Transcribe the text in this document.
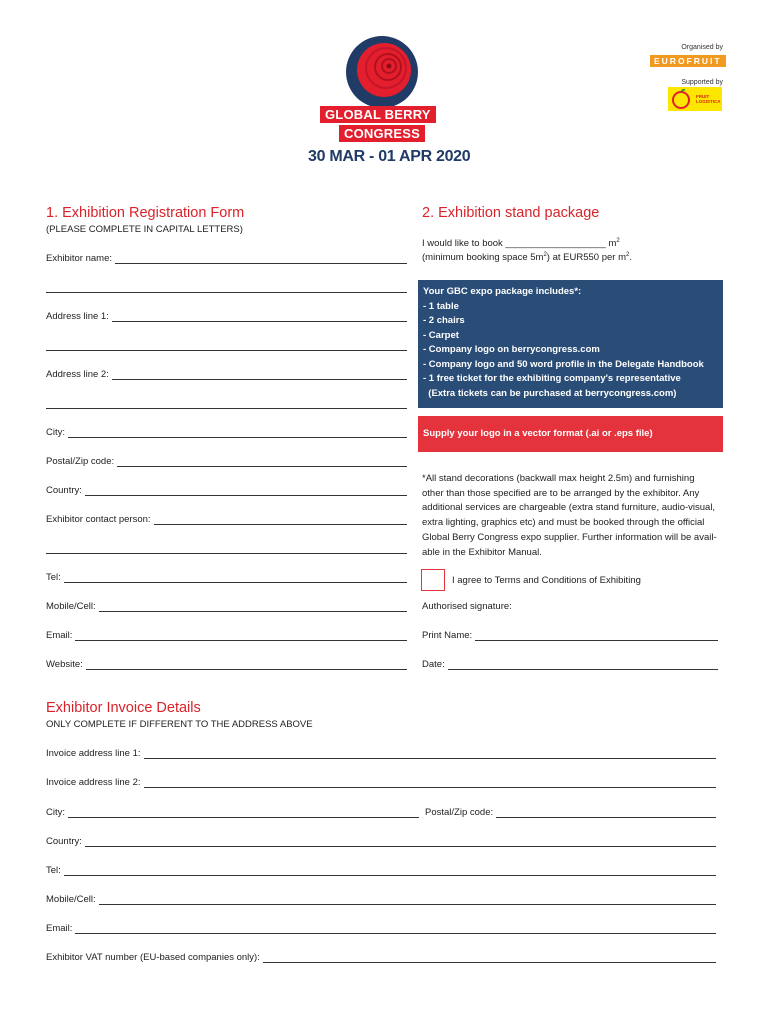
GLOBAL BERRY
CONGRESS
30 MAR - 01 APR 2020
Organised by
EUROFRUIT
Supported by
FRUIT
LOGISTICA
1. Exhibition Registration Form
(PLEASE COMPLETE IN CAPITAL LETTERS)
Exhibitor name:
Address line 1:
Address line 2:
City:
Postal/Zip code:
Country:
Exhibitor contact person:
Tel:
Mobile/Cell:
Email:
Website:
2. Exhibition stand package
I would like to book ___________________ $m^2$
(minimum booking space $5m^2$) at EUR550 per $m^2$.
Your GBC expo package includes*:
- 1 table
- 2 chairs
- Carpet
- Company logo on berrycongress.com
- Company logo and 50 word profile in the Delegate Handbook
- 1 free ticket for the exhibiting company's representative
(Extra tickets can be purchased at berrycongress.com)
Supply your logo in a vector format (.ai or .eps file)
*All stand decorations (backwall max height 2.5m) and furnishing
other than those specified are to be arranged by the exhibitor. Any
additional services are chargeable (extra stand furniture, audio-visual,
extra lighting, graphics etc) and must be booked through the official
Global Berry Congress expo supplier. Further information will be avail-
able in the Exhibitor Manual.
I agree to Terms and Conditions of Exhibiting
Authorised signature:
Print Name:
Date:
Exhibitor Invoice Details
ONLY COMPLETE IF DIFFERENT TO THE ADDRESS ABOVE
Invoice address line 1:
Invoice address line 2:
City:	Postal/Zip code:
Country:
Tel:
Mobile/Cell:
Email:
Exhibitor VAT number (EU-based companies only):
